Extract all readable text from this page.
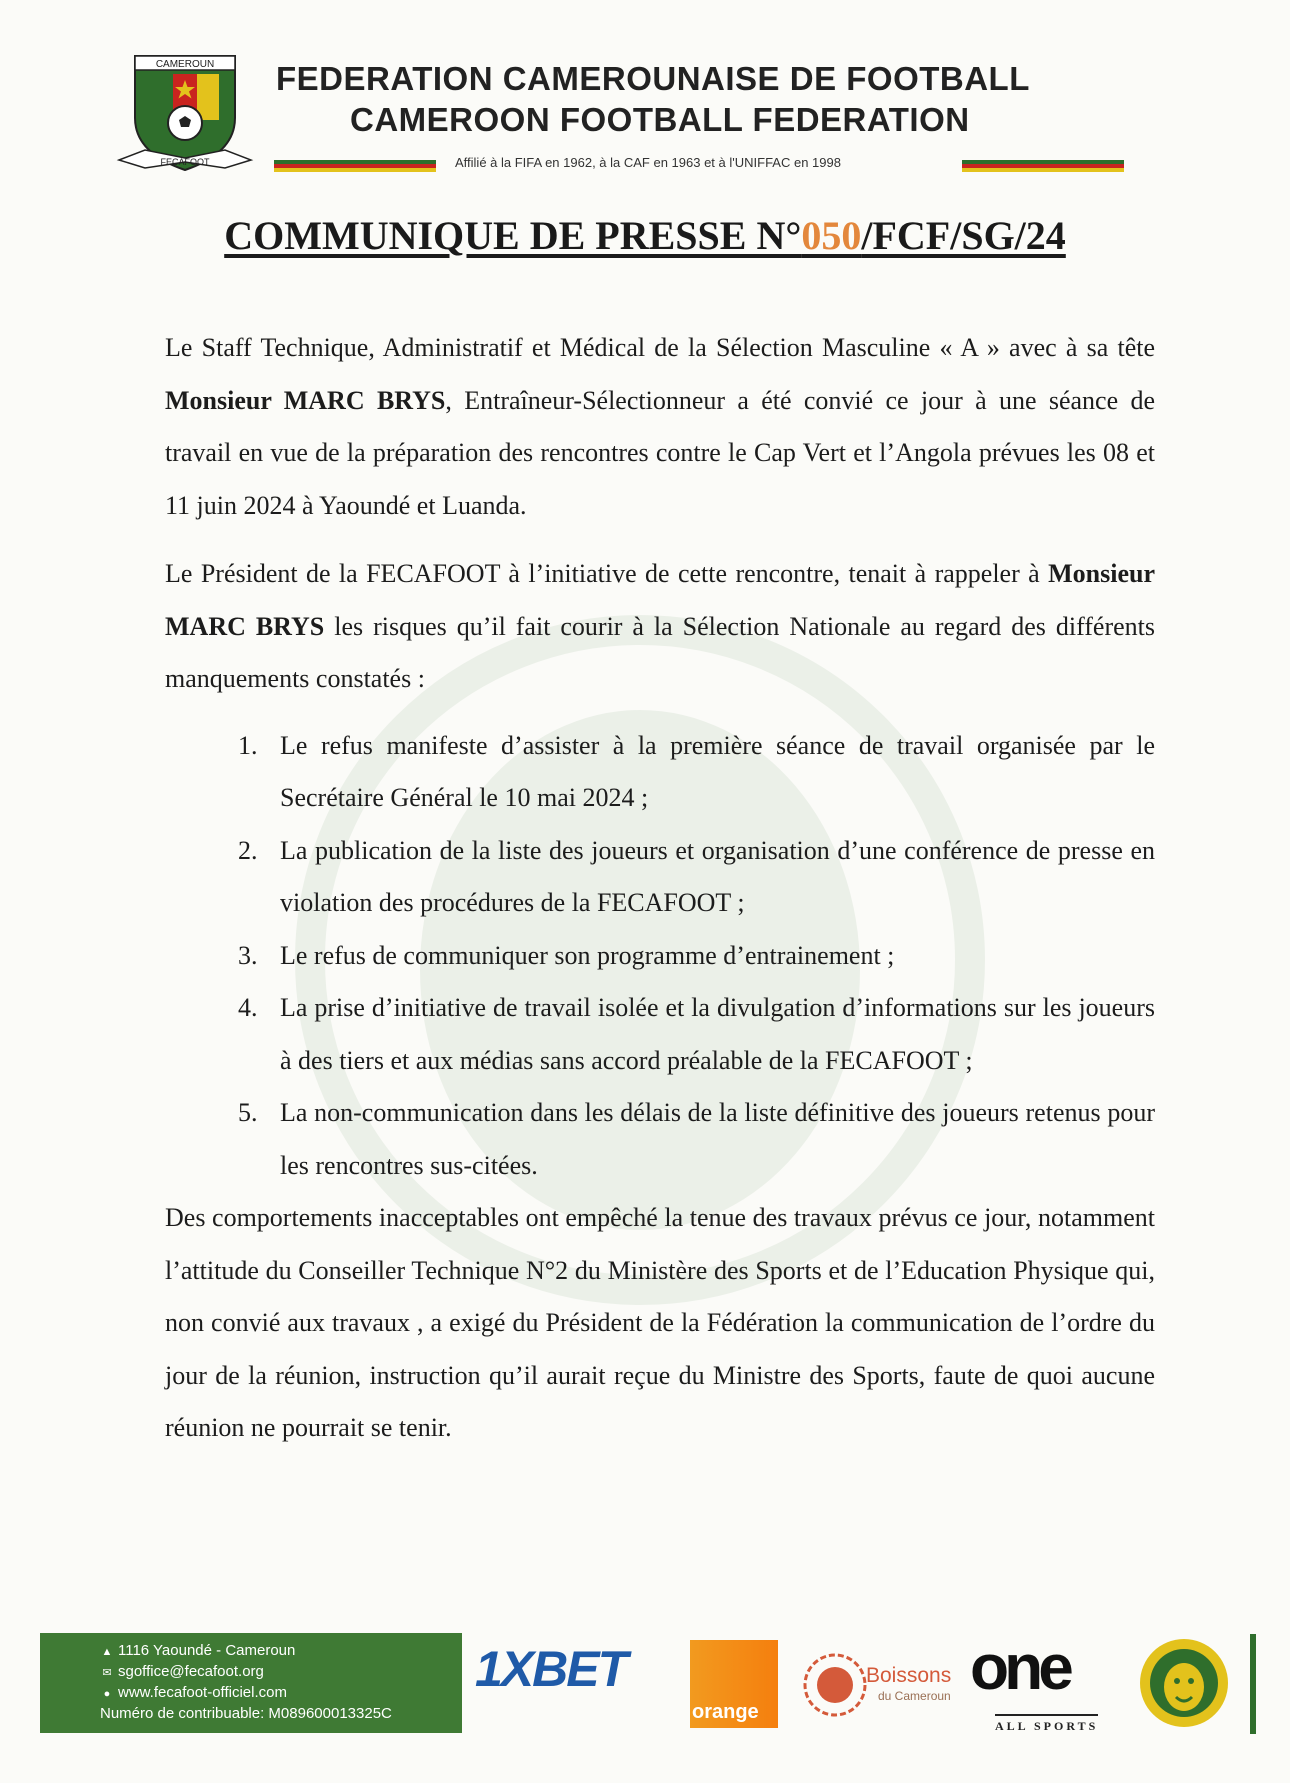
CAMEROUN
FECAFOOT
FEDERATION CAMEROUNAISE DE FOOTBALL
CAMEROON FOOTBALL FEDERATION
Affilié à la FIFA en 1962, à la CAF en 1963 et à l'UNIFFAC en 1998
COMMUNIQUE DE PRESSE N°050/FCF/SG/24

Le Staff Technique, Administratif et Médical de la Sélection Masculine « A » avec à sa tête Monsieur MARC BRYS, Entraîneur-Sélectionneur a été convié ce jour à une séance de travail en vue de la préparation des rencontres contre le Cap Vert et l’Angola prévues les 08 et 11 juin 2024 à Yaoundé et Luanda.

Le Président de la FECAFOOT à l’initiative de cette rencontre, tenait à rappeler à Monsieur MARC BRYS les risques qu’il fait courir à la Sélection Nationale au regard des différents manquements constatés :

Le refus manifeste d’assister à la première séance de travail organisée par le Secrétaire Général le 10 mai 2024 ;
La publication de la liste des joueurs et organisation d’une conférence de presse en violation des procédures de la FECAFOOT ;
Le refus de communiquer son programme d’entrainement ;
La prise d’initiative de travail isolée et la divulgation d’informations sur les joueurs à des tiers et aux médias sans accord préalable de la FECAFOOT ;
La non-communication dans les délais de la liste définitive des joueurs retenus pour les rencontres sus-citées.

Des comportements inacceptables ont empêché la tenue des travaux prévus ce jour, notamment l’attitude du Conseiller Technique N°2 du Ministère des Sports et de l’Education Physique qui, non convié aux travaux , a exigé du Président de la Fédération la communication de l’ordre du jour de la réunion, instruction qu’il aurait reçue du Ministre des Sports, faute de quoi aucune réunion ne pourrait se tenir.

▲ 1116 Yaoundé - Cameroun
✉ sgoffice@fecafoot.org
● www.fecafoot-officiel.com
Numéro de contribuable: M089600013325C
1XBET
orange
Boissons
du Cameroun one
ALL SPORTS
